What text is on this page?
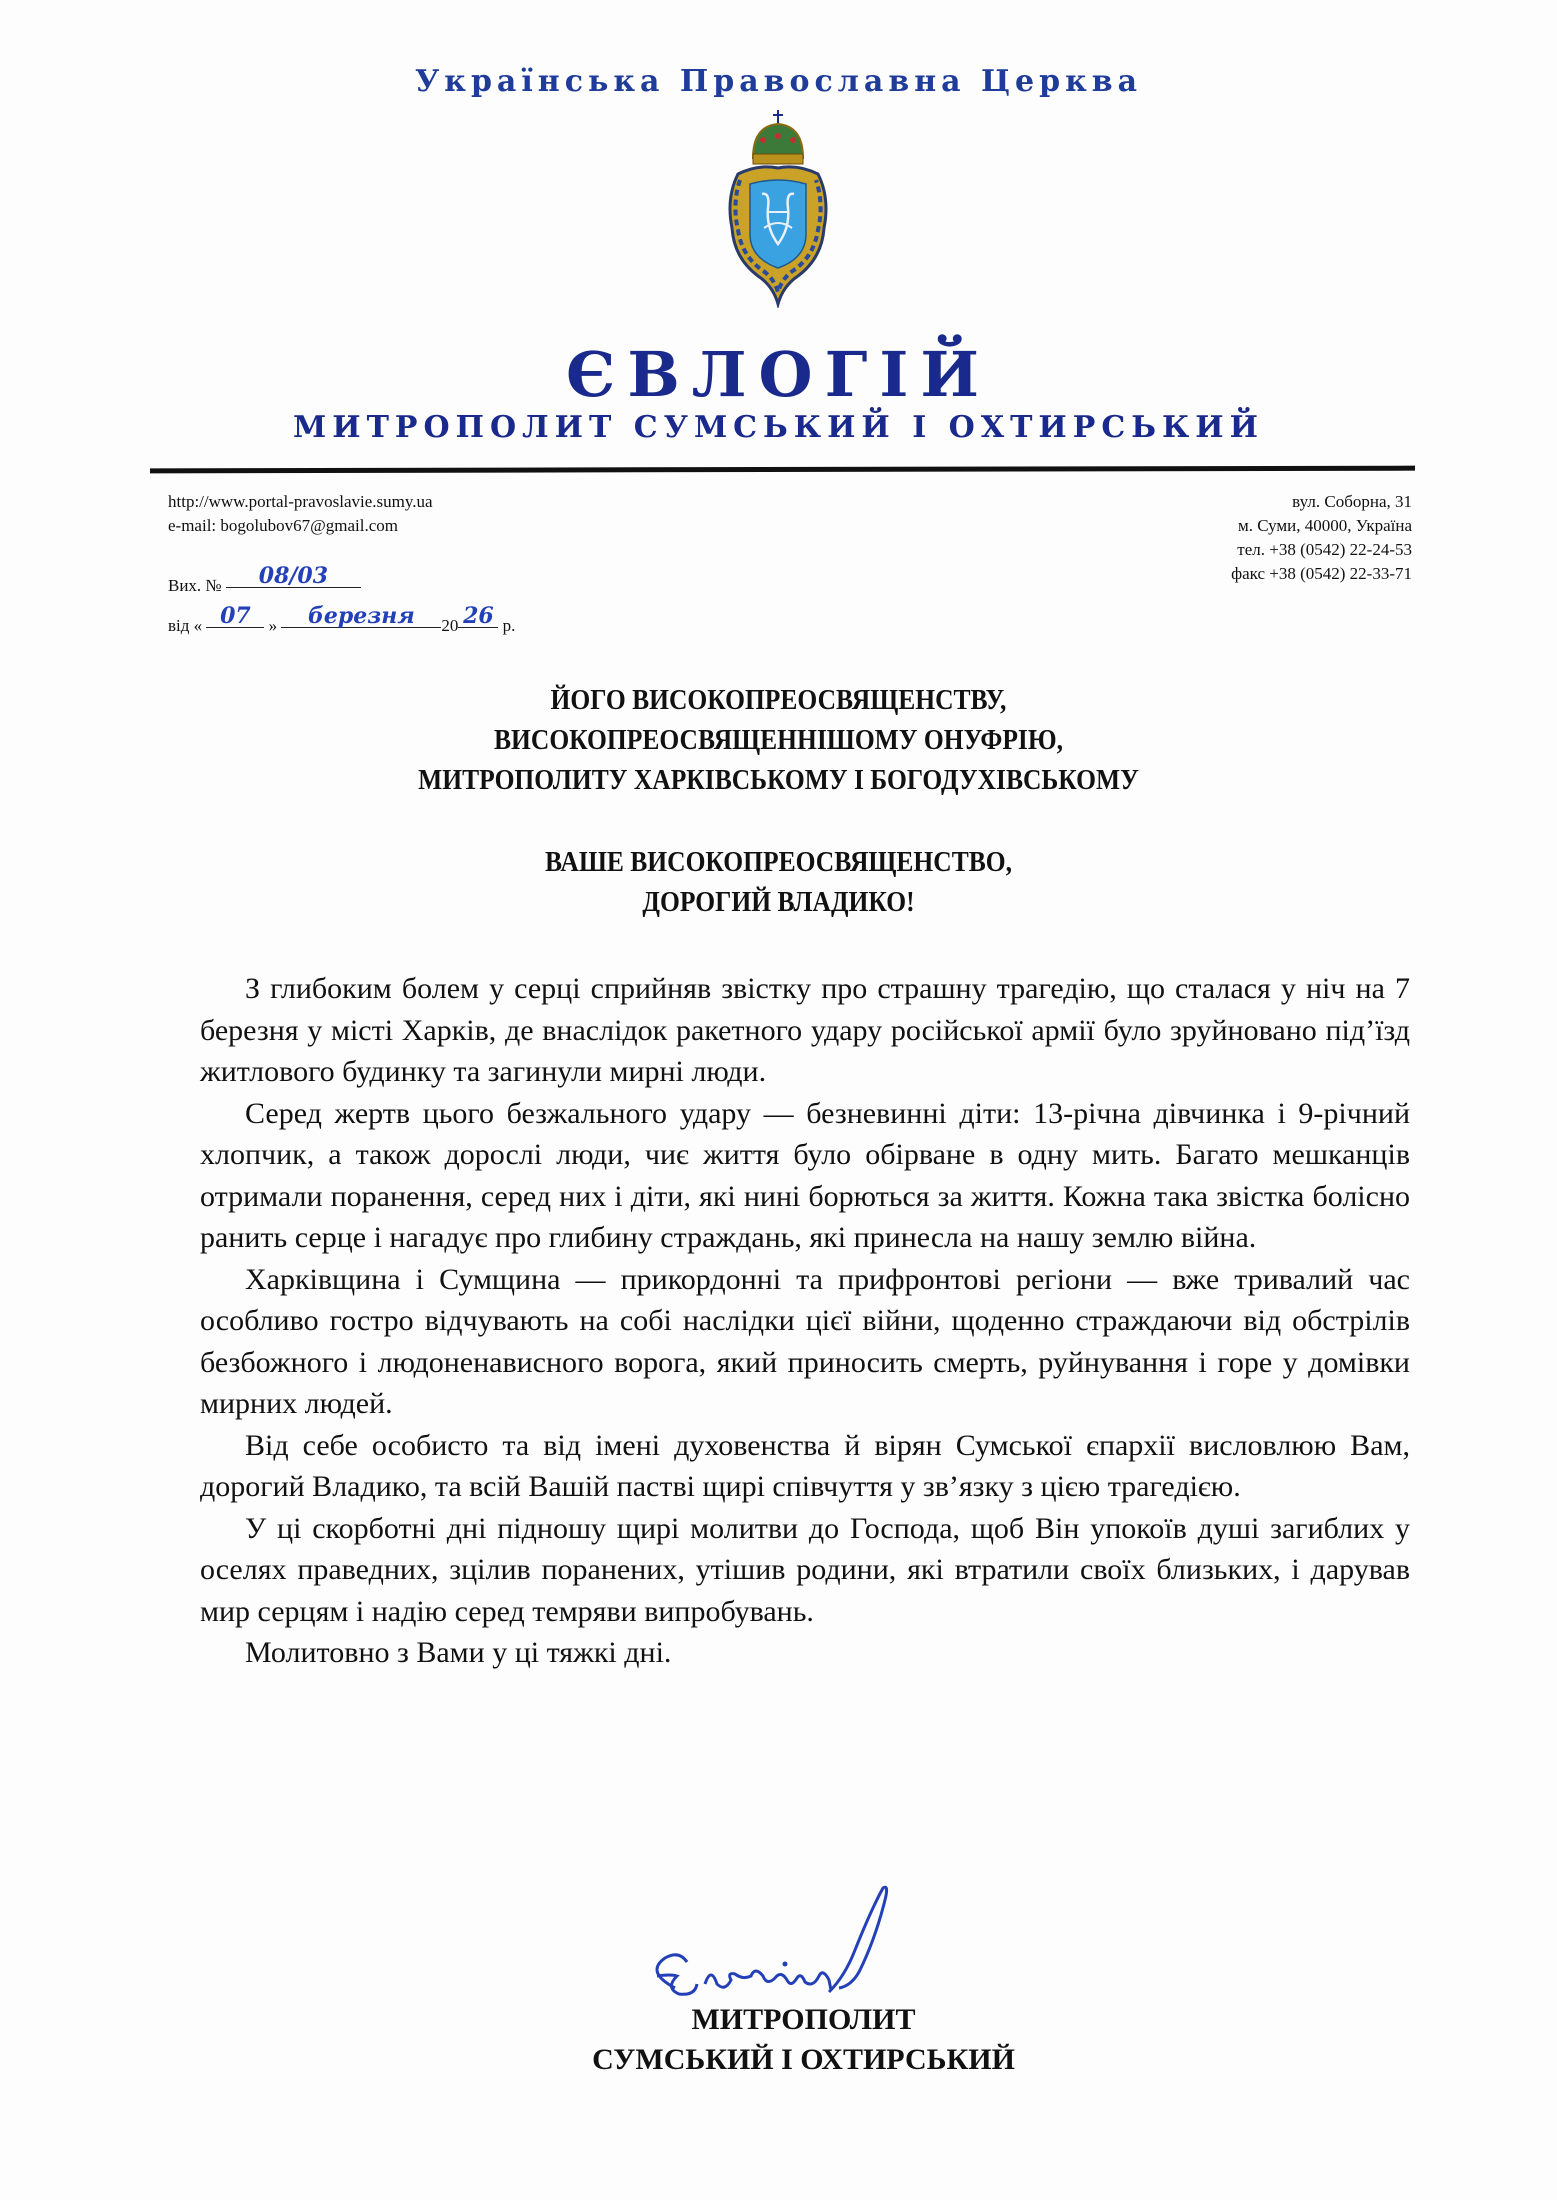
Українська Православна Церква
ЄВЛОГІЙ
МИТРОПОЛИТ СУМСЬКИЙ І ОХТИРСЬКИЙ
http://www.portal-pravoslavie.sumy.ua
e-mail: bogolubov67@gmail.com
вул. Соборна, 31
м. Суми, 40000, Україна
тел. +38 (0542) 22-24-53
факс +38 (0542) 22-33-71
Вих. № 08/03
від « 07 » березня 20 26 р.
ЙОГО ВИСОКОПРЕОСВЯЩЕНСТВУ,
ВИСОКОПРЕОСВЯЩЕННІШОМУ ОНУФРІЮ,
МИТРОПОЛИТУ ХАРКІВСЬКОМУ І БОГОДУХІВСЬКОМУ
ВАШЕ ВИСОКОПРЕОСВЯЩЕНСТВО,
ДОРОГИЙ ВЛАДИКО!

З глибоким болем у серці сприйняв звістку про страшну трагедію, що сталася у ніч на 7 березня у місті Харків, де внаслідок ракетного удару російської армії було зруйновано під’їзд житлового будинку та загинули мирні люди.

Серед жертв цього безжального удару — безневинні діти: 13-річна дівчинка і 9-річний хлопчик, а також дорослі люди, чиє життя було обірване в одну мить. Багато мешканців отримали поранення, серед них і діти, які нині борються за життя. Кожна така звістка болісно ранить серце і нагадує про глибину страждань, які принесла на нашу землю війна.

Харківщина і Сумщина — прикордонні та прифронтові регіони — вже тривалий час особливо гостро відчувають на собі наслідки цієї війни, щоденно страждаючи від обстрілів безбожного і людоненависного ворога, який приносить смерть, руйнування і горе у домівки мирних людей.

Від себе особисто та від імені духовенства й вірян Сумської єпархії висловлюю Вам, дорогий Владико, та всій Вашій пастві щирі співчуття у зв’язку з цією трагедією.

У ці скорботні дні підношу щирі молитви до Господа, щоб Він упокоїв душі загиблих у оселях праведних, зцілив поранених, утішив родини, які втратили своїх близьких, і дарував мир серцям і надію серед темряви випробувань.

Молитовно з Вами у ці тяжкі дні.

МИТРОПОЛИТ
СУМСЬКИЙ І ОХТИРСЬКИЙ
